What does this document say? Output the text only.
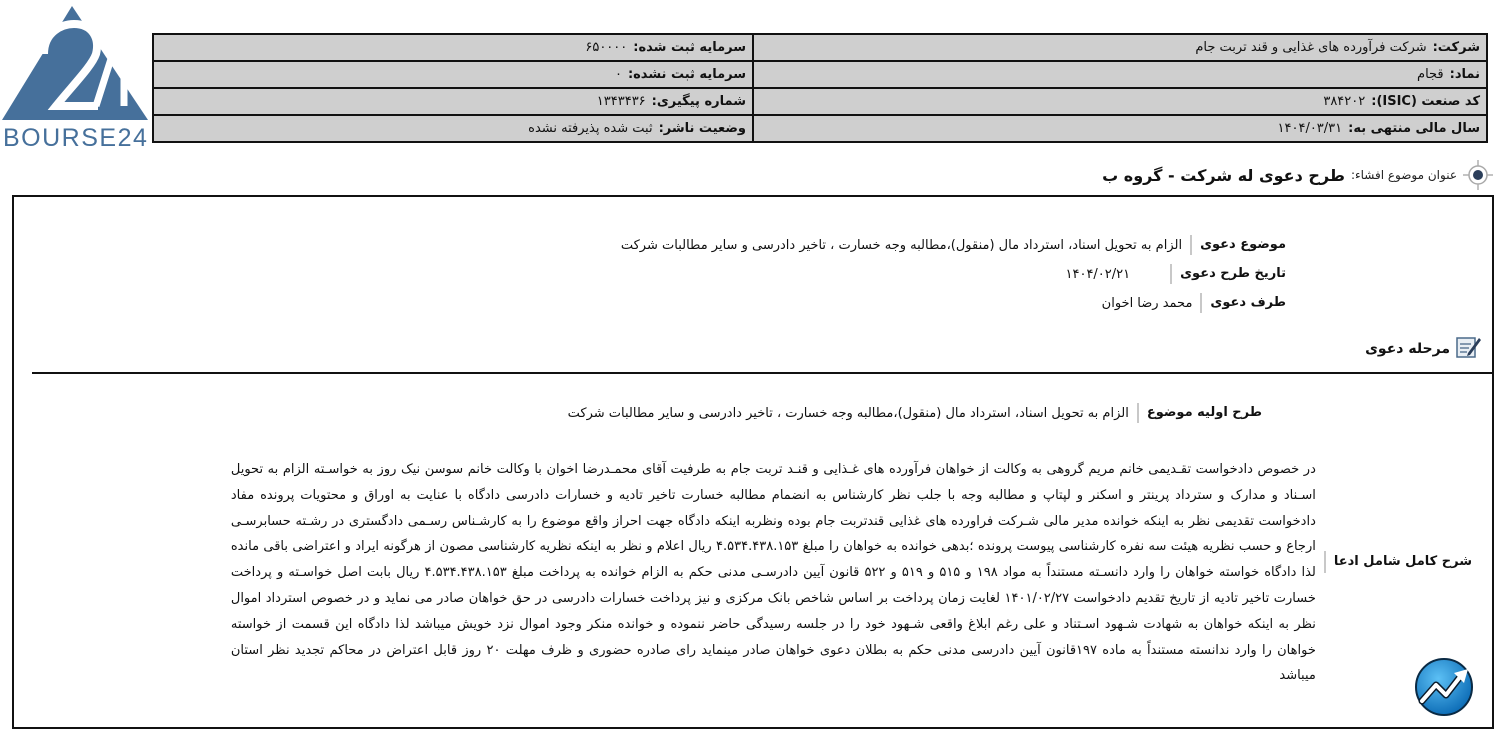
BOURSE24
شرکت:شرکت فرآورده های غذایی و قند تربت جام	سرمایه ثبت شده:۶۵۰۰۰۰
نماد:قجام	سرمایه ثبت نشده:۰
کد صنعت (ISIC):۳۸۴۲۰۲	شماره پیگیری:۱۳۴۳۴۳۶
سال مالی منتهی به:۱۴۰۴/۰۳/۳۱	وضعیت ناشر:ثبت شده پذیرفته نشده
عنوان موضوع افشاء:
طرح دعوی له شرکت - گروه ب
موضوع دعوی
الزام به تحویل اسناد، استرداد مال (منقول)،مطالبه وجه خسارت ، تاخیر دادرسی و سایر مطالبات شرکت
تاریخ طرح دعوی
۱۴۰۴/۰۲/۲۱
طرف دعوی
محمد رضا اخوان
مرحله دعوی
طرح اولیه موضوع
الزام به تحویل اسناد، استرداد مال (منقول)،مطالبه وجه خسارت ، تاخیر دادرسی و سایر مطالبات شرکت
شرح کامل شامل ادعا
در خصوص دادخواست تقـدیمی خانم مریم گروهی به وکالت از خواهان فرآورده های غـذایی و قنـد تربت جام به طرفیت آقای محمـدرضا اخوان با وکالت خانم سوسن نیک روز به خواسـته الزام به تحویل اسـناد و مدارک و سترداد پرینتر و اسکنر و لپتاپ و مطالبه وجه با جلب نظر کارشناس به انضمام مطالبه خسارت تاخیر تادیه و خسارات دادرسی دادگاه با عنایت به اوراق و محتویات پرونده مفاد دادخواست تقدیمی نظر به اینکه خوانده مدیر مالی شـرکت فراورده های غذایی قندتربت جام بوده ونظربه اینکه دادگاه جهت احراز واقع موضوع را به کارشـناس رسـمی دادگستری در رشـته حسابرسـی ارجاع و حسب نظریه هیئت سه نفره کارشناسی پیوست پرونده ؛بدهی خوانده به خواهان را مبلغ ۴.۵۳۴.۴۳۸.۱۵۳ ریال اعلام و نظر به اینکه نظریه کارشناسی مصون از هرگونه ایراد و اعتراضی باقی مانده لذا دادگاه خواسته خواهان را وارد دانسـته مستنداً به مواد ۱۹۸ و ۵۱۵ و ۵۱۹ و ۵۲۲ قانون آیین دادرسـی مدنی حکم به الزام خوانده به پرداخت مبلغ ۴.۵۳۴.۴۳۸.۱۵۳ ریال بابت اصل خواسـته و پرداخت خسارت تاخیر تادیه از تاریخ تقدیم دادخواست ۱۴۰۱/۰۲/۲۷ لغایت زمان پرداخت بر اساس شاخص بانک مرکزی و نیز پرداخت خسارات دادرسی در حق خواهان صادر می نماید و در خصوص استرداد اموال نظر به اینکه خواهان به شهادت شـهود اسـتناد و علی رغم ابلاغ واقعی شـهود خود را در جلسه رسیدگی حاضر ننموده و خوانده منکر وجود اموال نزد خویش میباشد لذا دادگاه این قسمت از خواسته خواهان را وارد ندانسته مستنداً به ماده ۱۹۷قانون آیین دادرسی مدنی حکم به بطلان دعوی خواهان صادر مینماید رای صادره حضوری و ظرف مهلت ۲۰ روز قابل اعتراض در محاکم تجدید نظر استان میباشد
